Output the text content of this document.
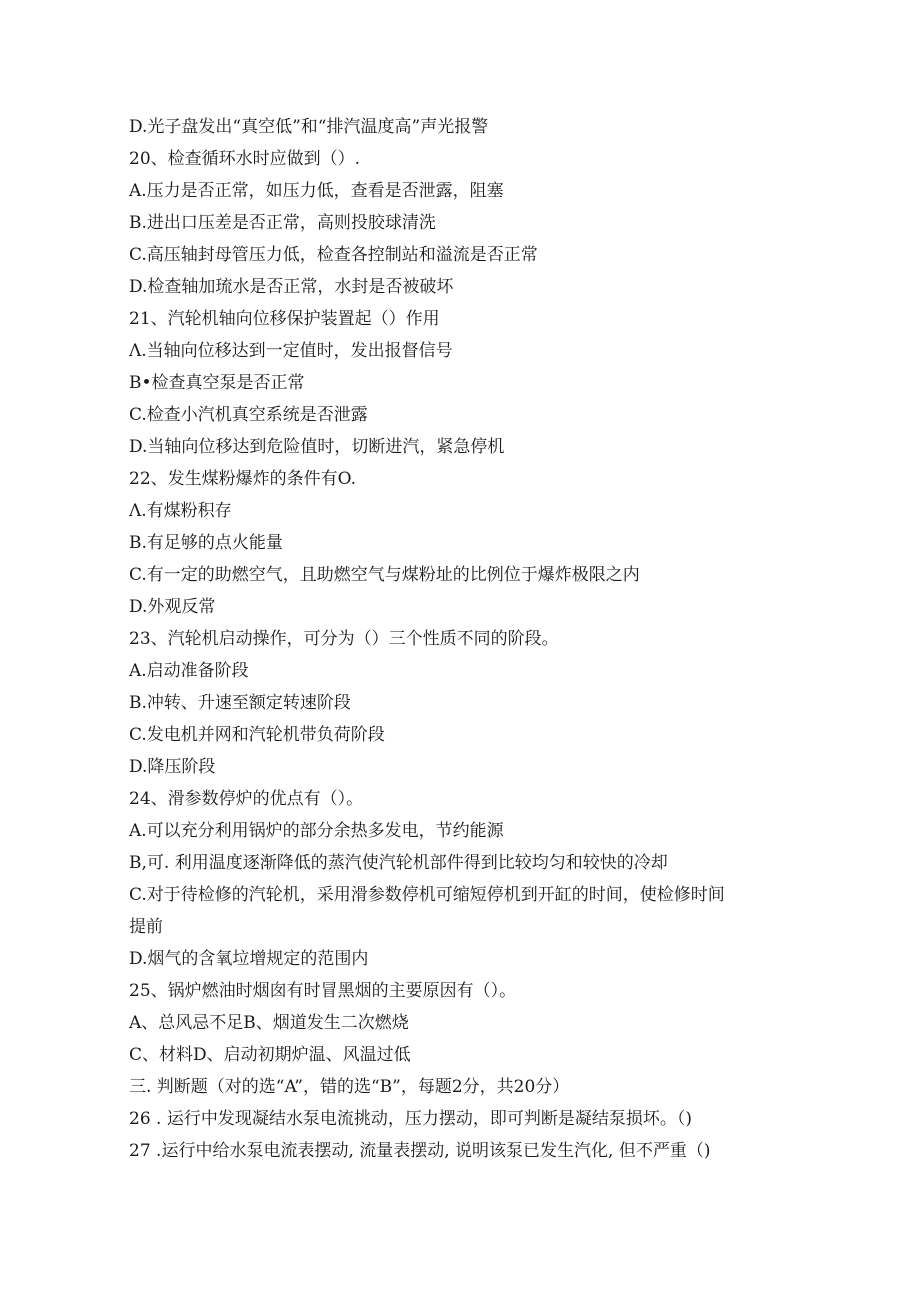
D.光子盘发出“真空低”和“排汽温度高”声光报警
20、检查循环水时应做到（）.
A.压力是否正常，如压力低，查看是否泄露，阻塞
B.进出口压差是否正常，高则投胶球清洗
C.高压轴封母管压力低，检查各控制站和溢流是否正常
D.检查轴加琉水是否正常，水封是否被破坏
21、汽轮机轴向位移保护装置起（）作用
Λ.当轴向位移达到一定值时，发出报督信号
B•检查真空泵是否正常
C.检查小汽机真空系统是否泄露
D.当轴向位移达到危险值时，切断进汽，紧急停机
22、发生煤粉爆炸的条件有O.
Λ.有煤粉积存
B.有足够的点火能量
C.有一定的助燃空气，且助燃空气与煤粉址的比例位于爆炸极限之内
D.外观反常
23、汽轮机启动操作，可分为（）三个性质不同的阶段。
A.启动准备阶段
B.冲转、升速至额定转速阶段
C.发电机并网和汽轮机带负荷阶段
D.降压阶段
24、滑参数停炉的优点有（）。
A.可以充分利用锅炉的部分余热多发电，节约能源
B,可. 利用温度逐渐降低的蒸汽使汽轮机部件得到比较均匀和较快的冷却
C.对于待检修的汽轮机，采用滑参数停机可缩短停机到开缸的时间，使检修时间
提前
D.烟气的含氧垃增规定的范围内
25、锅炉燃油时烟囱有时冒黑烟的主要原因有（）。
A、总风忌不足B、烟道发生二次燃烧
C、材料D、启动初期炉温、风温过低
三. 判断题（对的选“A”，错的选“B”，每题2分，共20分）
26 . 运行中发现凝结水泵电流挑动，压力摆动，即可判断是凝结泵损坏。（)
27 .运行中给水泵电流表摆动, 流量表摆动, 说明该泵已发生汽化, 但不严重（)
